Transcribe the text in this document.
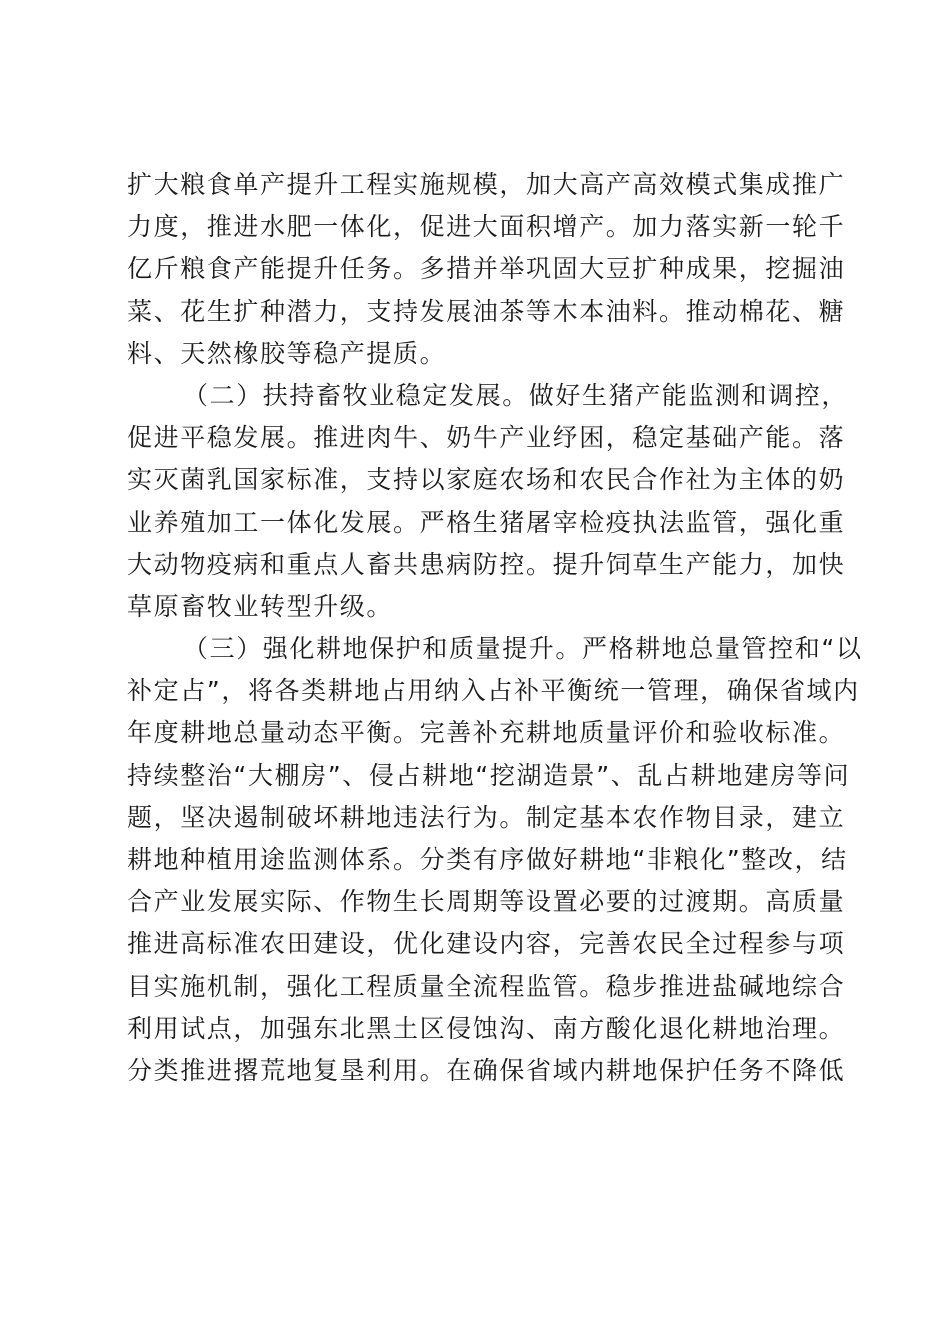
扩大粮食单产提升工程实施规模，加大高产高效模式集成推广
力度，推进水肥一体化，促进大面积增产。加力落实新一轮千
亿斤粮食产能提升任务。多措并举巩固大豆扩种成果，挖掘油
菜、花生扩种潜力，支持发展油茶等木本油料。推动棉花、糖
料、天然橡胶等稳产提质。
（二）扶持畜牧业稳定发展。做好生猪产能监测和调控，
促进平稳发展。推进肉牛、奶牛产业纾困，稳定基础产能。落
实灭菌乳国家标准，支持以家庭农场和农民合作社为主体的奶
业养殖加工一体化发展。严格生猪屠宰检疫执法监管，强化重
大动物疫病和重点人畜共患病防控。提升饲草生产能力，加快
草原畜牧业转型升级。
（三）强化耕地保护和质量提升。严格耕地总量管控和“以
补定占”，将各类耕地占用纳入占补平衡统一管理，确保省域内
年度耕地总量动态平衡。完善补充耕地质量评价和验收标准。
持续整治“大棚房”、侵占耕地“挖湖造景”、乱占耕地建房等问
题，坚决遏制破坏耕地违法行为。制定基本农作物目录，建立
耕地种植用途监测体系。分类有序做好耕地“非粮化”整改，结
合产业发展实际、作物生长周期等设置必要的过渡期。高质量
推进高标准农田建设，优化建设内容，完善农民全过程参与项
目实施机制，强化工程质量全流程监管。稳步推进盐碱地综合
利用试点，加强东北黑土区侵蚀沟、南方酸化退化耕地治理。
分类推进撂荒地复垦利用。在确保省域内耕地保护任务不降低
